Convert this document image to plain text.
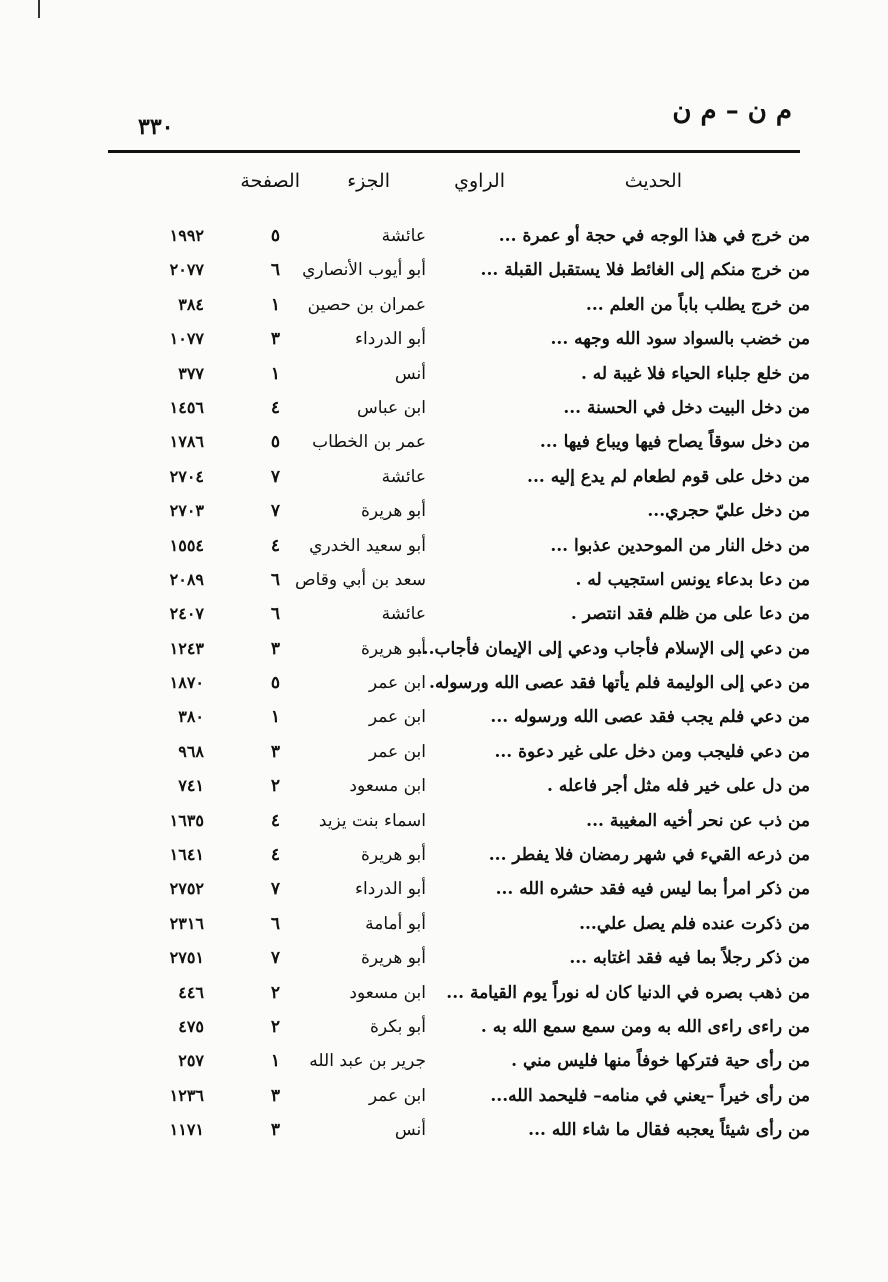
٣٣٠
م ن – م ن
الحديث
الراوي
الجزء
الصفحة
من خرج في هذا الوجه في حجة أو عمرة ...
عائشة
٥
١٩٩٢
من خرج منكم إلى الغائط فلا يستقبل القبلة ...
أبو أيوب الأنصاري
٦
٢٠٧٧
من خرج يطلب باباً من العلم ...
عمران بن حصين
١
٣٨٤
من خضب بالسواد سود الله وجهه ...
أبو الدرداء
٣
١٠٧٧
من خلع جلباء الحياء فلا غيبة له .
أنس
١
٣٧٧
من دخل البيت دخل في الحسنة ...
ابن عباس
٤
١٤٥٦
من دخل سوقاً يصاح فيها ويباع فيها ...
عمر بن الخطاب
٥
١٧٨٦
من دخل على قوم لطعام لم يدع إليه ...
عائشة
٧
٢٧٠٤
من دخل عليّ حجري...
أبو هريرة
٧
٢٧٠٣
من دخل النار من الموحدين عذبوا ...
أبو سعيد الخدري
٤
١٥٥٤
من دعا بدعاء يونس استجيب له .
سعد بن أبي وقاص
٦
٢٠٨٩
من دعا على من ظلم فقد انتصر .
عائشة
٦
٢٤٠٧
من دعي إلى الإسلام فأجاب ودعي إلى الإيمان فأجاب...
أبو هريرة
٣
١٢٤٣
من دعي إلى الوليمة فلم يأتها فقد عصى الله ورسوله.
ابن عمر
٥
١٨٧٠
من دعي فلم يجب فقد عصى الله ورسوله ...
ابن عمر
١
٣٨٠
من دعي فليجب ومن دخل على غير دعوة ...
ابن عمر
٣
٩٦٨
من دل على خير فله مثل أجر فاعله .
ابن مسعود
٢
٧٤١
من ذب عن نحر أخيه المغيبة ...
اسماء بنت يزيد
٤
١٦٣٥
من ذرعه القيء في شهر رمضان فلا يفطر ...
أبو هريرة
٤
١٦٤١
من ذكر امرأ بما ليس فيه فقد حشره الله ...
أبو الدرداء
٧
٢٧٥٢
من ذكرت عنده فلم يصل علي...
أبو أمامة
٦
٢٣١٦
من ذكر رجلاً بما فيه فقد اغتابه ...
أبو هريرة
٧
٢٧٥١
من ذهب بصره في الدنيا كان له نوراً يوم القيامة ...
ابن مسعود
٢
٤٤٦
من راءى راءى الله به ومن سمع سمع الله به .
أبو بكرة
٢
٤٧٥
من رأى حية فتركها خوفاً منها فليس مني .
جرير بن عبد الله
١
٢٥٧
من رأى خيراً –يعني في منامه– فليحمد الله...
ابن عمر
٣
١٢٣٦
من رأى شيئاً يعجبه فقال ما شاء الله ...
أنس
٣
١١٧١
